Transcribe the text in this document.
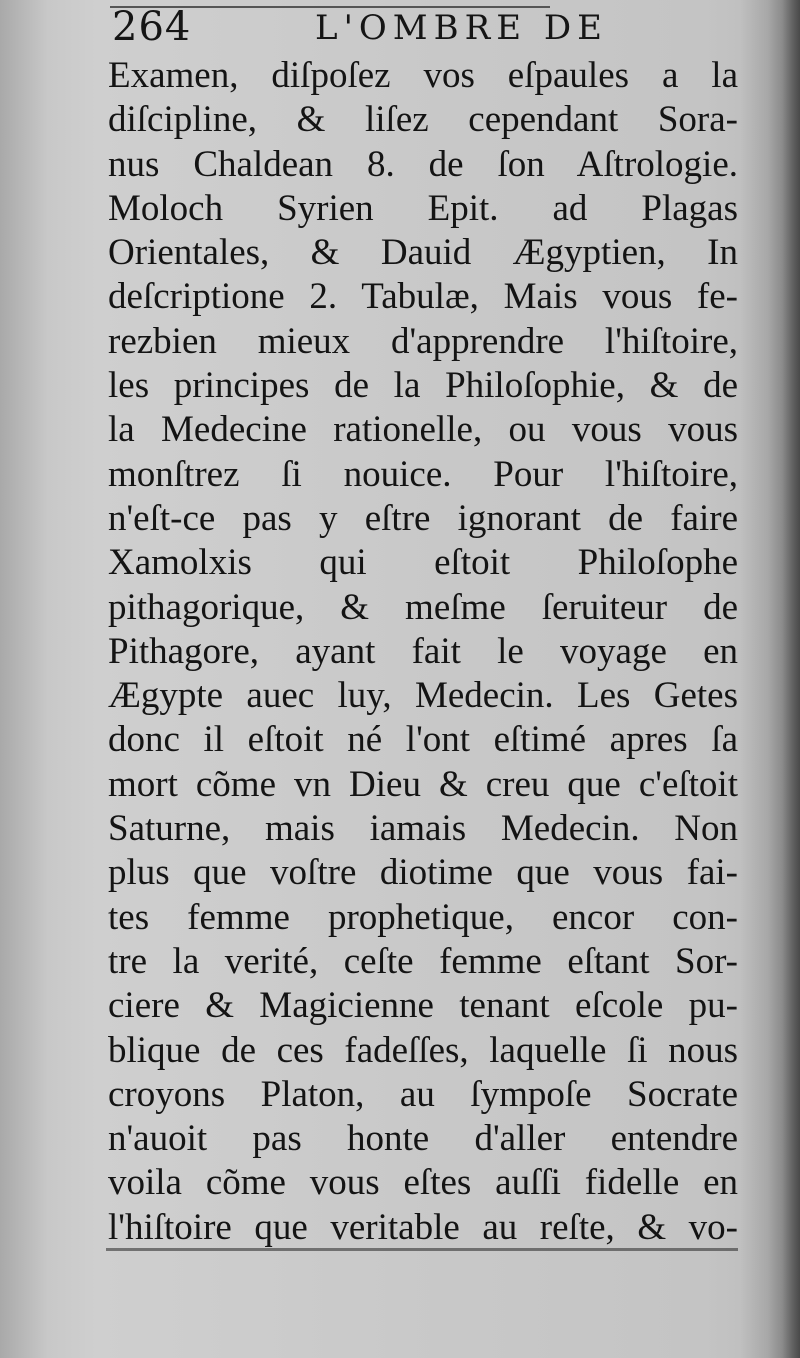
264	L'OMBRE DE
Examen, diſpoſez vos eſpaules a la
diſcipline, & liſez cependant Sora-
nus Chaldean 8. de ſon Aſtrologie.
Moloch Syrien Epit. ad Plagas
Orientales, & Dauid Ægyptien, In
deſcriptione 2. Tabulæ, Mais vous fe-
rezbien mieux d'apprendre l'hiſtoire,
les principes de la Philoſophie, & de
la Medecine rationelle, ou vous vous
monſtrez ſi nouice. Pour l'hiſtoire,
n'eſt-ce pas y eſtre ignorant de faire
Xamolxis qui eſtoit Philoſophe
pithagorique, & meſme ſeruiteur de
Pithagore, ayant fait le voyage en
Ægypte auec luy, Medecin. Les Getes
donc il eſtoit né l'ont eſtimé apres ſa
mort cõme vn Dieu & creu que c'eſtoit
Saturne, mais iamais Medecin. Non
plus que voſtre diotime que vous fai-
tes femme prophetique, encor con-
tre la verité, ceſte femme eſtant Sor-
ciere & Magicienne tenant eſcole pu-
blique de ces fadeſſes, laquelle ſi nous
croyons Platon, au ſympoſe Socrate
n'auoit pas honte d'aller entendre
voila cõme vous eſtes auſſi fidelle en
l'hiſtoire que veritable au reſte, & vo-
